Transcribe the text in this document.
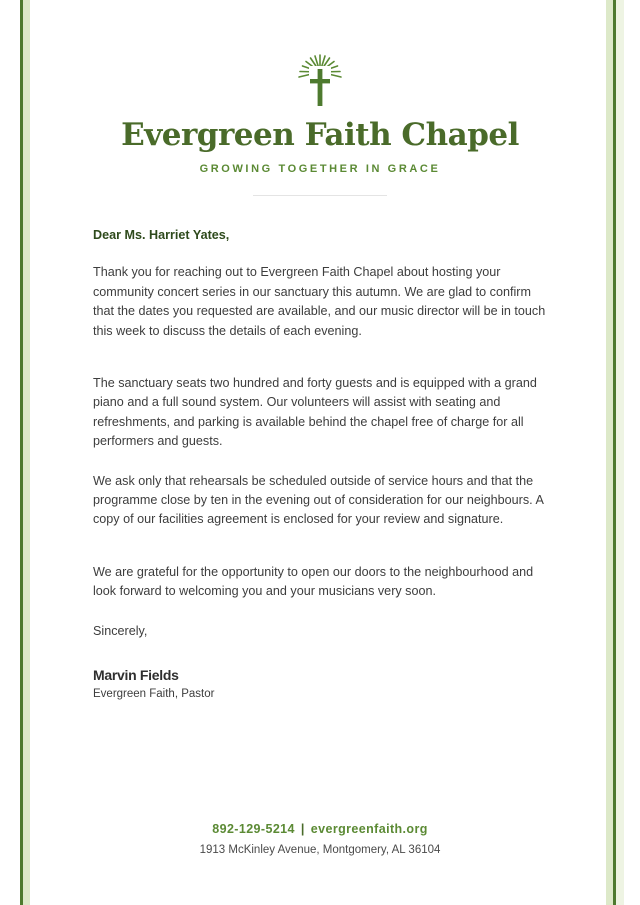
Evergreen Faith Chapel
GROWING TOGETHER IN GRACE

Dear Ms. Harriet Yates,

Thank you for reaching out to Evergreen Faith Chapel about hosting your community concert series in our sanctuary this autumn. We are glad to confirm that the dates you requested are available, and our music director will be in touch this week to discuss the details of each evening.

The sanctuary seats two hundred and forty guests and is equipped with a grand piano and a full sound system. Our volunteers will assist with seating and refreshments, and parking is available behind the chapel free of charge for all performers and guests.

We ask only that rehearsals be scheduled outside of service hours and that the programme close by ten in the evening out of consideration for our neighbours. A copy of our facilities agreement is enclosed for your review and signature.

We are grateful for the opportunity to open our doors to the neighbourhood and look forward to welcoming you and your musicians very soon.

Sincerely,

Marvin Fields
Evergreen Faith, Pastor
892-129-5214 | evergreenfaith.org
1913 McKinley Avenue, Montgomery, AL 36104
